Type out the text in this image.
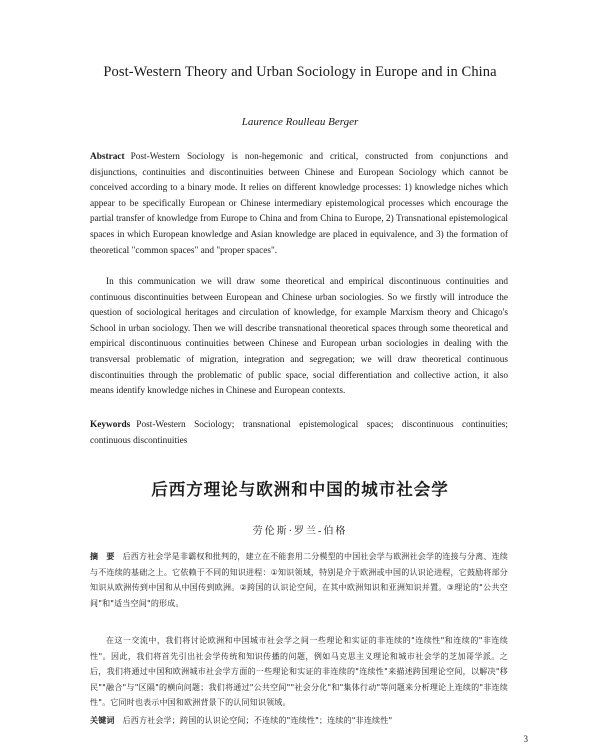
Post-Western Theory and Urban Sociology in Europe and in China
Laurence Roulleau Berger
Abstract Post-Western Sociology is non-hegemonic and critical, constructed from conjunctions and disjunctions, continuities and discontinuities between Chinese and European Sociology which cannot be conceived according to a binary mode. It relies on different knowledge processes: 1) knowledge niches which appear to be specifically European or Chinese intermediary epistemological processes which encourage the partial transfer of knowledge from Europe to China and from China to Europe, 2) Transnational epistemological spaces in which European knowledge and Asian knowledge are placed in equivalence, and 3) the formation of theoretical "common spaces" and "proper spaces".
In this communication we will draw some theoretical and empirical discontinuous continuities and continuous discontinuities between European and Chinese urban sociologies. So we firstly will introduce the question of sociological heritages and circulation of knowledge, for example Marxism theory and Chicago's School in urban sociology. Then we will describe transnational theoretical spaces through some theoretical and empirical discontinuous continuities between Chinese and European urban sociologies in dealing with the transversal problematic of migration, integration and segregation; we will draw theoretical continuous discontinuities through the problematic of public space, social differentiation and collective action, it also means identify knowledge niches in Chinese and European contexts.
Keywords Post-Western Sociology; transnational epistemological spaces; discontinuous continuities; continuous discontinuities
后西方理论与欧洲和中国的城市社会学
劳伦斯·罗兰-伯格
摘　要 后西方社会学是非霸权和批判的，建立在不能套用二分模型的中国社会学与欧洲社会学的连接与分离、连续与不连续的基础之上。它依赖于不同的知识进程：①知识领域，特别是介于欧洲或中国的认识论进程，它鼓励将部分知识从欧洲传到中国和从中国传到欧洲。②跨国的认识论空间，在其中欧洲知识和亚洲知识并置。③理论的"公共空间"和"适当空间"的形成。
在这一交流中，我们将讨论欧洲和中国城市社会学之间一些理论和实证的非连续的"连续性"和连续的"非连续性"。因此，我们将首先引出社会学传统和知识传播的问题，例如马克思主义理论和城市社会学的芝加哥学派。之后，我们将通过中国和欧洲城市社会学方面的一些理论和实证的非连续的"连续性"来描述跨国理论空间，以解决"移民""融合"与"区隔"的横向问题；我们将通过"公共空间""社会分化"和"集体行动"等问题来分析理论上连续的"非连续性"。它同时也表示中国和欧洲背景下的认同知识领域。
关键词 后西方社会学；跨国的认识论空间；不连续的"连续性"；连续的"非连续性"
3
